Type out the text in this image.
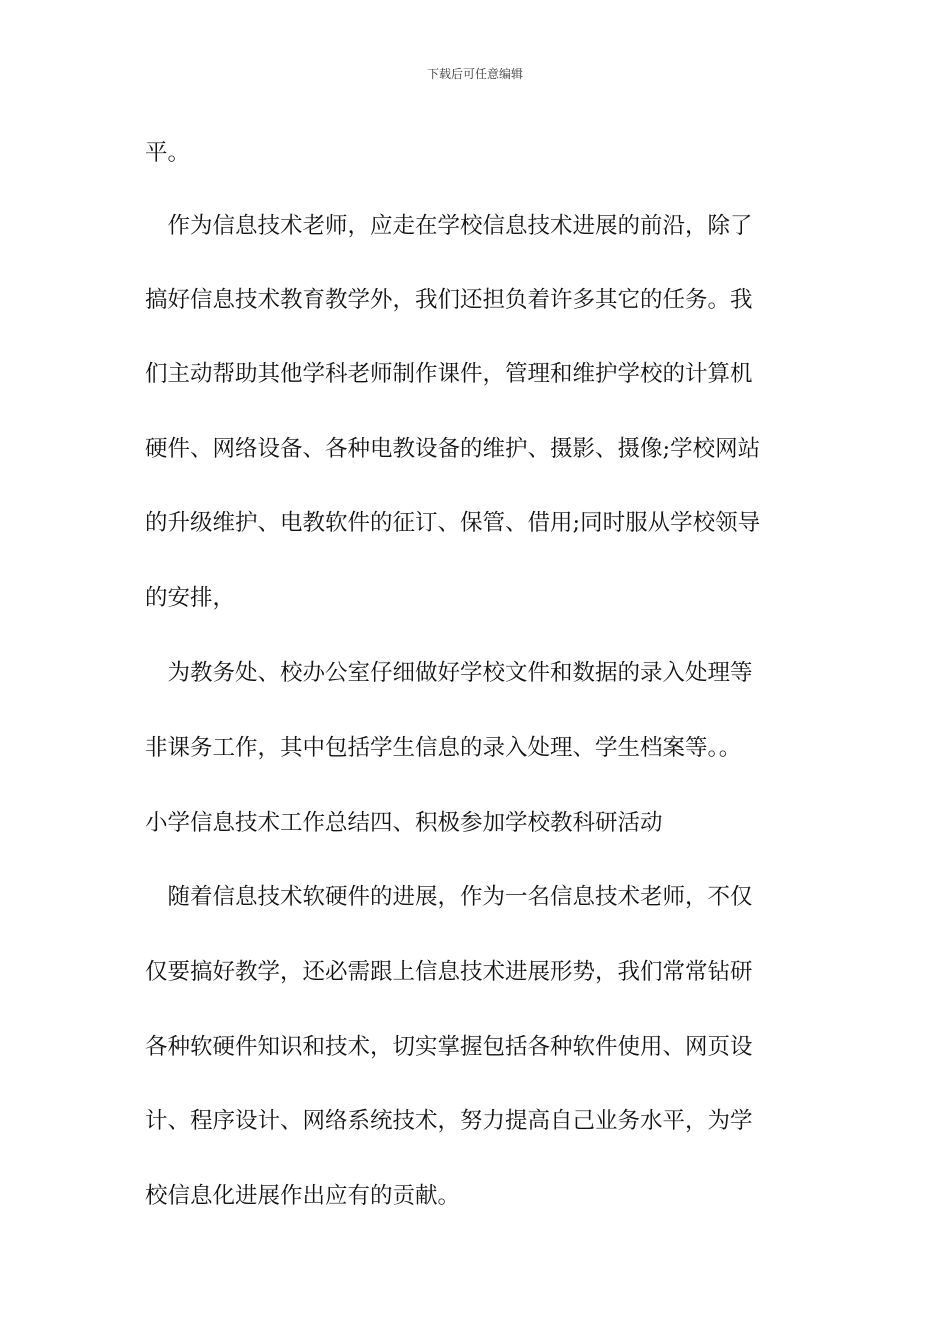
下载后可任意编辑
平。
　作为信息技术老师，应走在学校信息技术进展的前沿，除了
搞好信息技术教育教学外，我们还担负着许多其它的任务。我
们主动帮助其他学科老师制作课件，管理和维护学校的计算机
硬件、网络设备、各种电教设备的维护、摄影、摄像;学校网站
的升级维护、电教软件的征订、保管、借用;同时服从学校领导
的安排，
　为教务处、校办公室仔细做好学校文件和数据的录入处理等
非课务工作，其中包括学生信息的录入处理、学生档案等。。
小学信息技术工作总结四、积极参加学校教科研活动
　随着信息技术软硬件的进展，作为一名信息技术老师，不仅
仅要搞好教学，还必需跟上信息技术进展形势，我们常常钻研
各种软硬件知识和技术，切实掌握包括各种软件使用、网页设
计、程序设计、网络系统技术，努力提高自己业务水平，为学
校信息化进展作出应有的贡献。
